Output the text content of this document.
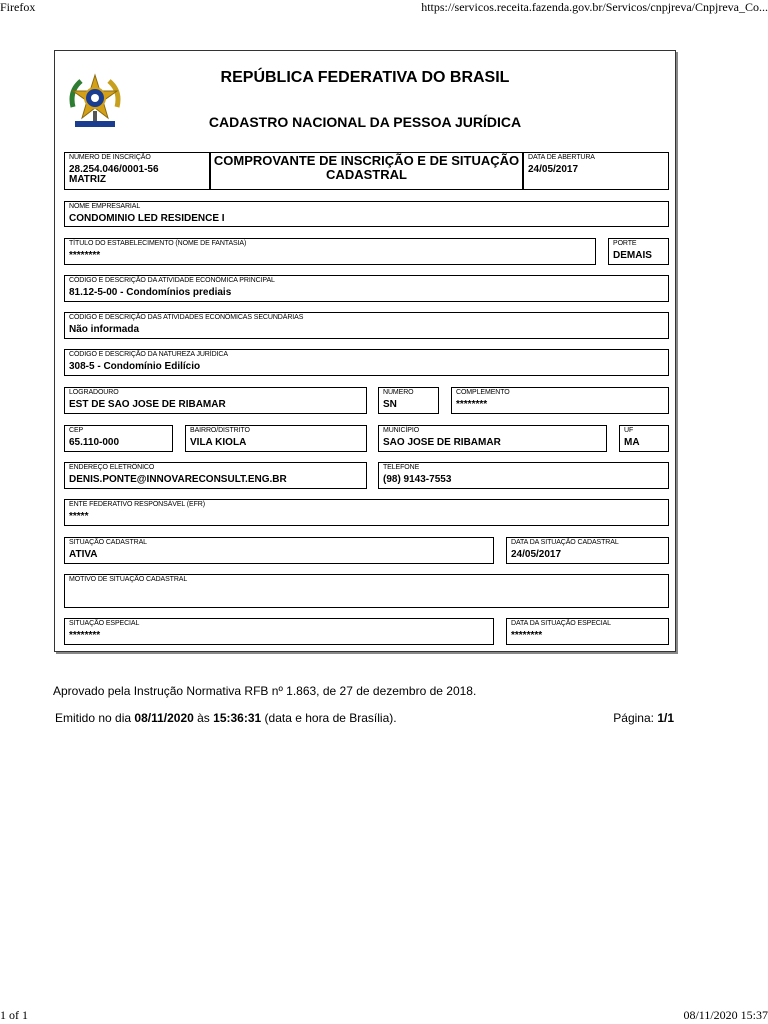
Firefox	https://servicos.receita.fazenda.gov.br/Servicos/cnpjreva/Cnpjreva_Co...
REPÚBLICA FEDERATIVA DO BRASIL
CADASTRO NACIONAL DA PESSOA JURÍDICA
NÚMERO DE INSCRIÇÃO
28.254.046/0001-56
MATRIZ
COMPROVANTE DE INSCRIÇÃO E DE SITUAÇÃO CADASTRAL
DATA DE ABERTURA
24/05/2017
NOME EMPRESARIAL
CONDOMINIO LED RESIDENCE I
TÍTULO DO ESTABELECIMENTO (NOME DE FANTASIA)
********
PORTE
DEMAIS
CÓDIGO E DESCRIÇÃO DA ATIVIDADE ECONÔMICA PRINCIPAL
81.12-5-00 - Condomínios prediais
CÓDIGO E DESCRIÇÃO DAS ATIVIDADES ECONÔMICAS SECUNDÁRIAS
Não informada
CÓDIGO E DESCRIÇÃO DA NATUREZA JURÍDICA
308-5 - Condomínio Edilício
LOGRADOURO
EST DE SAO JOSE DE RIBAMAR
NÚMERO
SN
COMPLEMENTO
********
CEP
65.110-000
BAIRRO/DISTRITO
VILA KIOLA
MUNICÍPIO
SAO JOSE DE RIBAMAR
UF
MA
ENDEREÇO ELETRÔNICO
DENIS.PONTE@INNOVARECONSULT.ENG.BR
TELEFONE
(98) 9143-7553
ENTE FEDERATIVO RESPONSÁVEL (EFR)
*****
SITUAÇÃO CADASTRAL
ATIVA
DATA DA SITUAÇÃO CADASTRAL
24/05/2017
MOTIVO DE SITUAÇÃO CADASTRAL
SITUAÇÃO ESPECIAL
********
DATA DA SITUAÇÃO ESPECIAL
********
Aprovado pela Instrução Normativa RFB nº 1.863, de 27 de dezembro de 2018.
Emitido no dia 08/11/2020 às 15:36:31 (data e hora de Brasília).	Página: 1/1
1 of 1	08/11/2020 15:37
